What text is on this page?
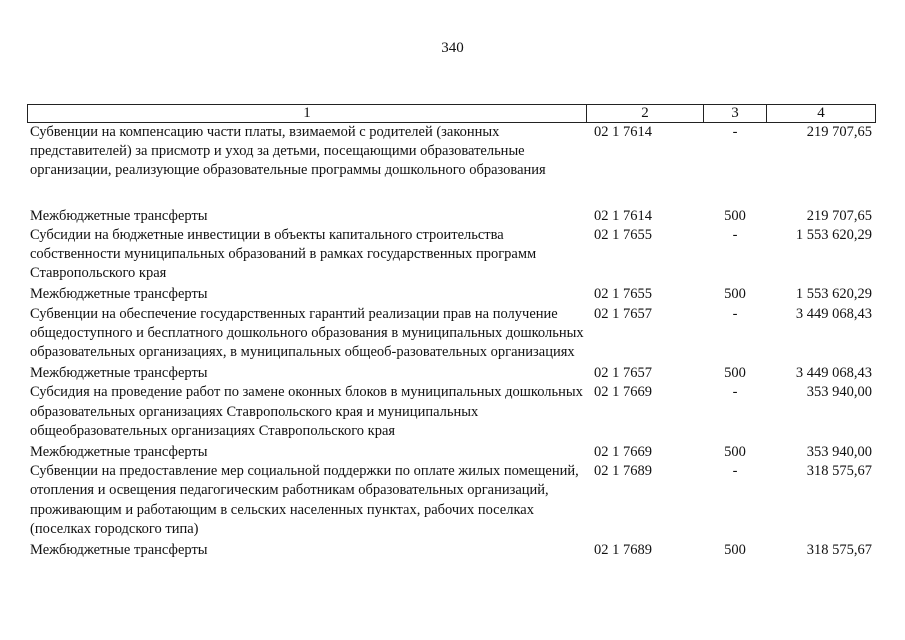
340
1	2	3	4
Субвенции на компенсацию части платы, взимаемой с родителей (законных представителей) за присмотр и уход за детьми, посещающими образовательные организации, реализующие образовательные программы дошкольного образования	02 1 7614	-	219 707,65
Межбюджетные трансферты	02 1 7614	500	219 707,65
Субсидии на бюджетные инвестиции в объекты капитального строительства собственности муниципальных образований в рамках государственных программ Ставропольского края	02 1 7655	-	1 553 620,29
Межбюджетные трансферты	02 1 7655	500	1 553 620,29
Субвенции на обеспечение государственных гарантий реализации прав на получение общедоступного и бесплатного дошкольного образования в муниципальных дошкольных образовательных организациях, в муниципальных общеоб-разовательных организациях	02 1 7657	-	3 449 068,43
Межбюджетные трансферты	02 1 7657	500	3 449 068,43
Субсидия на проведение работ по замене оконных блоков в муниципальных дошкольных образовательных организациях Ставропольского края и муниципальных общеобразовательных организациях Ставропольского края	02 1 7669	-	353 940,00
Межбюджетные трансферты	02 1 7669	500	353 940,00
Субвенции на предоставление мер социальной поддержки по оплате жилых помещений, отопления и освещения педагогическим работникам образовательных организаций, проживающим и работающим в сельских населенных пунктах, рабочих поселках (поселках городского типа)	02 1 7689	-	318 575,67
Межбюджетные трансферты	02 1 7689	500	318 575,67
